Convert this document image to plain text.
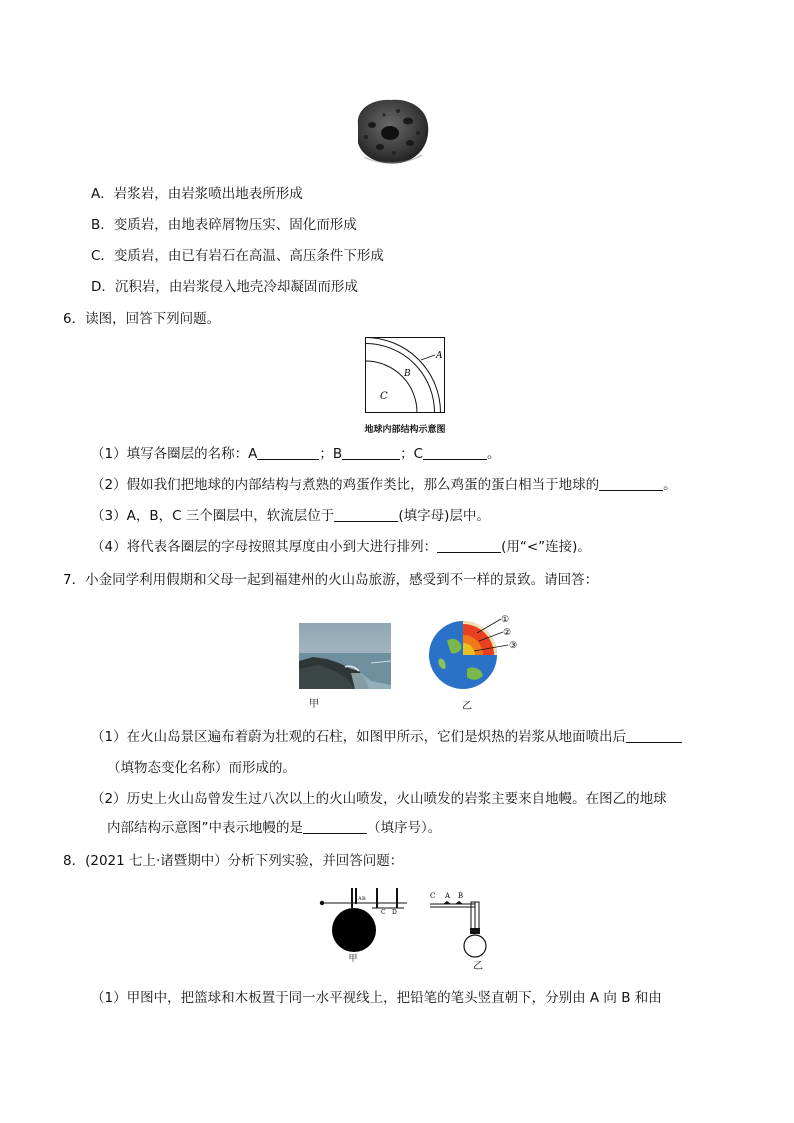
A．岩浆岩，由岩浆喷出地表所形成
B．变质岩，由地表碎屑物压实、固化而形成
C．变质岩，由已有岩石在高温、高压条件下形成
D．沉积岩，由岩浆侵入地壳冷却凝固而形成
6．读图，回答下列问题。
A
B
C
地球内部结构示意图
（1）填写各圈层的名称：A	；B	；C	。
（2）假如我们把地球的内部结构与煮熟的鸡蛋作类比，那么鸡蛋的蛋白相当于地球的	。
（3）A，B，C 三个圈层中，软流层位于	(填字母)层中。
（4）将代表各圈层的字母按照其厚度由小到大进行排列：	(用“<”连接)。
7．小金同学利用假期和父母一起到福建州的火山岛旅游，感受到不一样的景致。请回答：
甲
①
②
③
乙
（1）在火山岛景区遍布着蔚为壮观的石柱，如图甲所示，它们是炽热的岩浆从地面喷出后
（填物态变化名称）而形成的。
（2）历史上火山岛曾发生过八次以上的火山喷发，火山喷发的岩浆主要来自地幔。在图乙的地球
内部结构示意图”中表示地幔的是	（填序号）。
8．(2021 七上·诸暨期中）分析下列实验，并回答问题：
A B
C D
甲
C A B
乙
（1）甲图中，把篮球和木板置于同一水平视线上，把铅笔的笔头竖直朝下，分别由 A 向 B 和由
